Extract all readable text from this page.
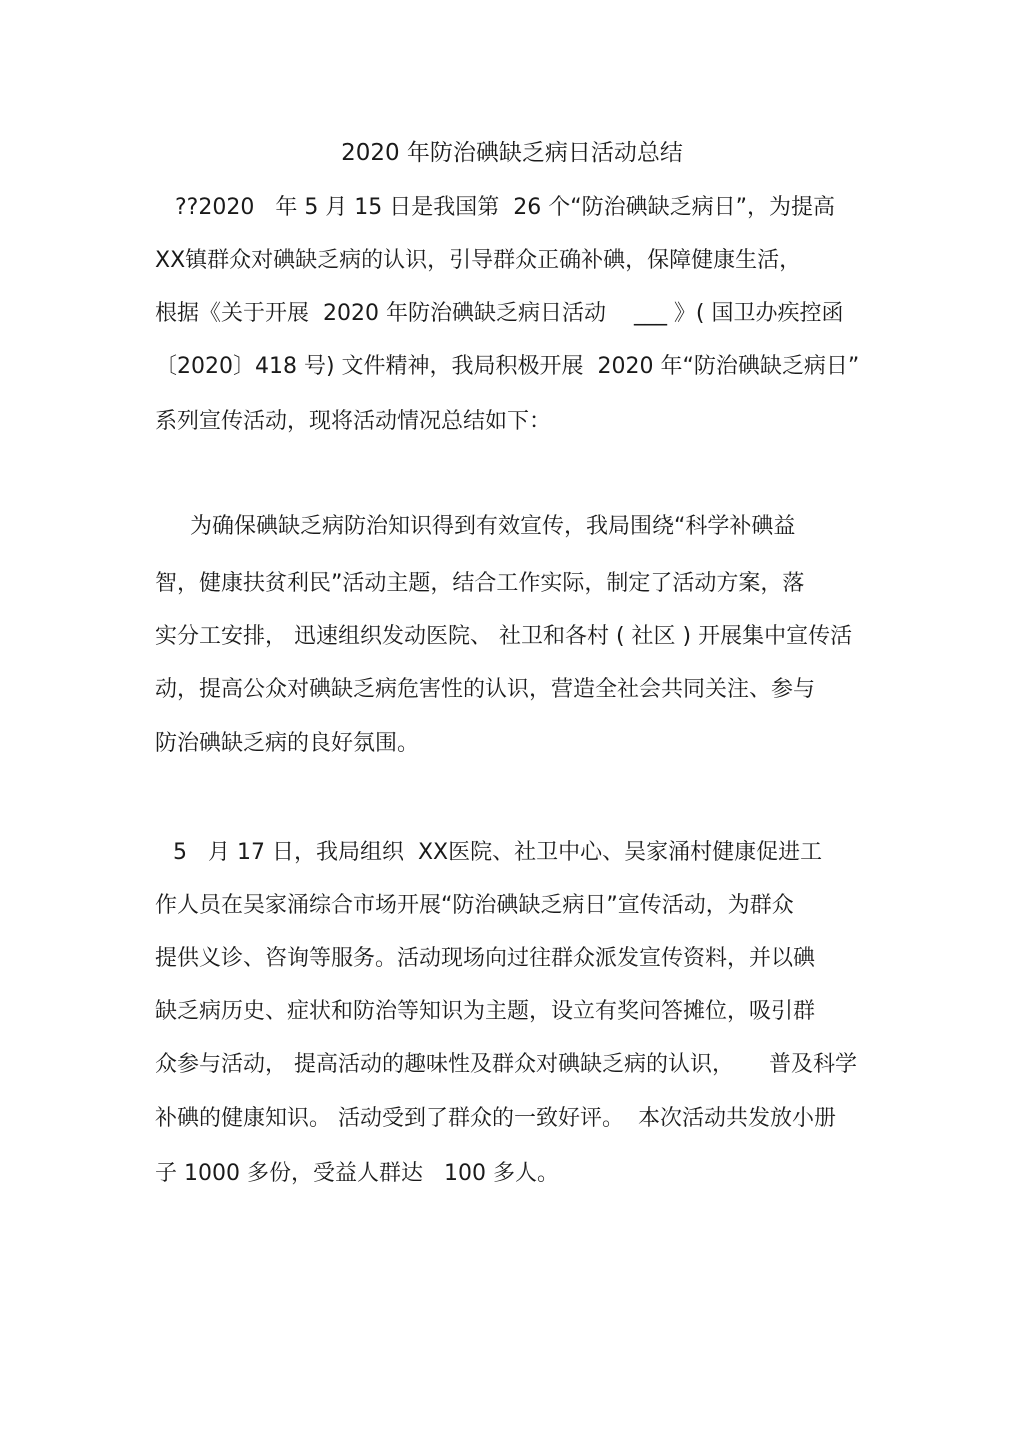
2020 年防治碘缺乏病日活动总结
??2020   年 5 月 15 日是我国第  26 个“防治碘缺乏病日”，为提高
XX镇群众对碘缺乏病的认识，引导群众正确补碘，保障健康生活，
根据《关于开展  2020 年防治碘缺乏病日活动    ___ 》( 国卫办疾控函
〔2020〕418 号) 文件精神，我局积极开展  2020 年“防治碘缺乏病日”
系列宣传活动，现将活动情况总结如下：
为确保碘缺乏病防治知识得到有效宣传，我局围绕“科学补碘益
智，健康扶贫利民”活动主题，结合工作实际，制定了活动方案，落
实分工安排， 迅速组织发动医院、 社卫和各村 ( 社区 ) 开展集中宣传活
动，提高公众对碘缺乏病危害性的认识，营造全社会共同关注、参与
防治碘缺乏病的良好氛围。
5   月 17 日，我局组织  XX医院、社卫中心、吴家涌村健康促进工
作人员在吴家涌综合市场开展“防治碘缺乏病日”宣传活动，为群众
提供义诊、咨询等服务。活动现场向过往群众派发宣传资料，并以碘
缺乏病历史、症状和防治等知识为主题，设立有奖问答摊位，吸引群
众参与活动， 提高活动的趣味性及群众对碘缺乏病的认识，     普及科学
补碘的健康知识。 活动受到了群众的一致好评。  本次活动共发放小册
子 1000 多份，受益人群达   100 多人。
